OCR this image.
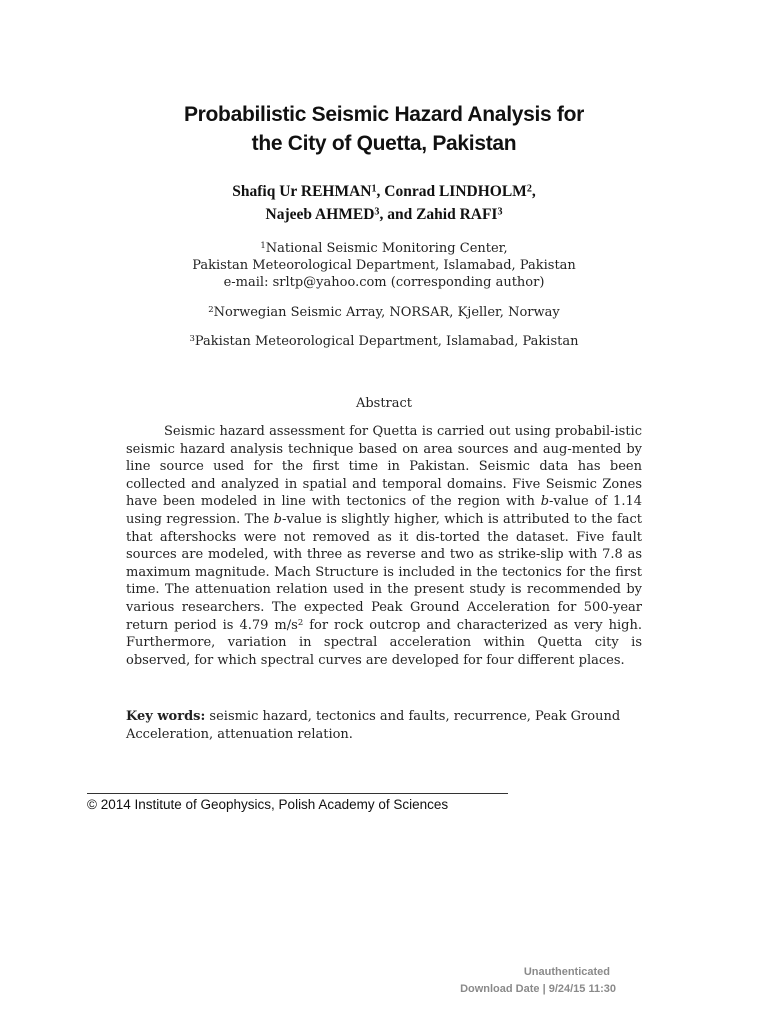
Probabilistic Seismic Hazard Analysis for
the City of Quetta, Pakistan
Shafiq Ur REHMAN$^1$, Conrad LINDHOLM$^2$,
Najeeb AHMED$^3$, and Zahid RAFI$^3$
$^1$National Seismic Monitoring Center,
Pakistan Meteorological Department, Islamabad, Pakistan
e-mail: srltp@yahoo.com (corresponding author)
$^2$Norwegian Seismic Array, NORSAR, Kjeller, Norway
$^3$Pakistan Meteorological Department, Islamabad, Pakistan
Abstract

Seismic hazard assessment for Quetta is carried out using probabil-istic seismic hazard analysis technique based on area sources and aug-mented by line source used for the first time in Pakistan. Seismic data has been collected and analyzed in spatial and temporal domains. Five Seismic Zones have been modeled in line with tectonics of the region with b-value of 1.14 using regression. The b-value is slightly higher, which is attributed to the fact that aftershocks were not removed as it dis-torted the dataset. Five fault sources are modeled, with three as reverse and two as strike-slip with 7.8 as maximum magnitude. Mach Structure is included in the tectonics for the first time. The attenuation relation used in the present study is recommended by various researchers. The expected Peak Ground Acceleration for 500-year return period is 4.79 $m/s^2$ for rock outcrop and characterized as very high. Furthermore, variation in spectral acceleration within Quetta city is observed, for which spectral curves are developed for four different places.

Key words: seismic hazard, tectonics and faults, recurrence, Peak Ground Acceleration, attenuation relation.
© 2014 Institute of Geophysics, Polish Academy of Sciences
Unauthenticated
Download Date | 9/24/15 11:30
